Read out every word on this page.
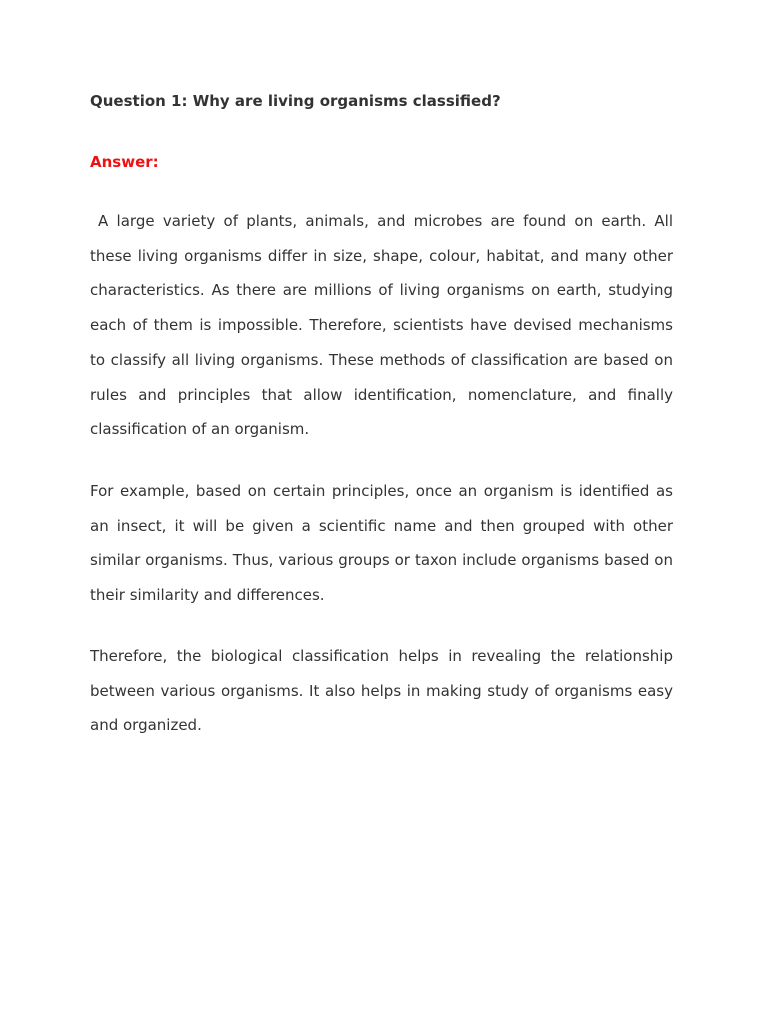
Question 1: Why are living organisms classified?

Answer:

A large variety of plants, animals, and microbes are found on earth. All these living organisms differ in size, shape, colour, habitat, and many other characteristics. As there are millions of living organisms on earth, studying each of them is impossible. Therefore, scientists have devised mechanisms to classify all living organisms. These methods of classification are based on rules and principles that allow identification, nomenclature, and finally classification of an organism.

For example, based on certain principles, once an organism is identified as an insect, it will be given a scientific name and then grouped with other similar organisms. Thus, various groups or taxon include organisms based on their similarity and differences.

Therefore, the biological classification helps in revealing the relationship between various organisms. It also helps in making study of organisms easy and organized.
